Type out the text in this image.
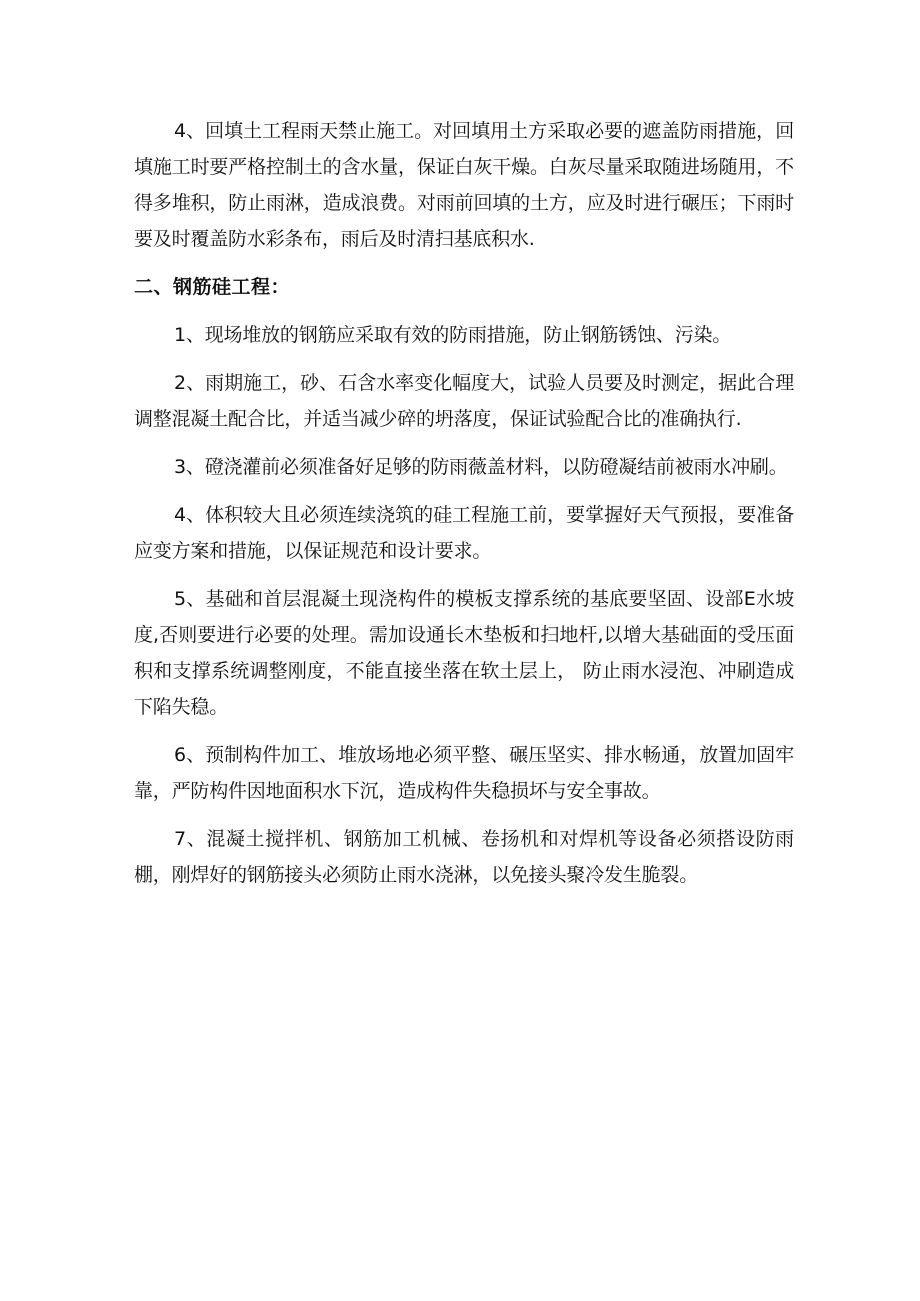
4、回填土工程雨天禁止施工。对回填用土方采取必要的遮盖防雨措施，回填施工时要严格控制土的含水量，保证白灰干燥。白灰尽量采取随进场随用，不得多堆积，防止雨淋，造成浪费。对雨前回填的土方，应及时进行碾压；下雨时要及时覆盖防水彩条布，雨后及时清扫基底积水.

二、钢筋硅工程：

1、现场堆放的钢筋应采取有效的防雨措施，防止钢筋锈蚀、污染。

2、雨期施工，砂、石含水率变化幅度大，试验人员要及时测定，据此合理调整混凝土配合比，并适当减少碎的坍落度，保证试验配合比的准确执行.

3、磴浇灌前必须准备好足够的防雨薇盖材料，以防磴凝结前被雨水冲刷。

4、体积较大且必须连续浇筑的硅工程施工前，要掌握好天气预报，要准备应变方案和措施，以保证规范和设计要求。

5、基础和首层混凝土现浇构件的模板支撑系统的基底要坚固、设部E水坡度,否则要进行必要的处理。需加设通长木垫板和扫地杆,以增大基础面的受压面积和支撑系统调整刚度，不能直接坐落在软土层上， 防止雨水浸泡、冲刷造成下陷失稳。

6、预制构件加工、堆放场地必须平整、碾压坚实、排水畅通，放置加固牢靠，严防构件因地面积水下沉，造成构件失稳损坏与安全事故。

7、混凝土搅拌机、钢筋加工机械、卷扬机和对焊机等设备必须搭设防雨棚，刚焊好的钢筋接头必须防止雨水浇淋，以免接头聚冷发生脆裂。
